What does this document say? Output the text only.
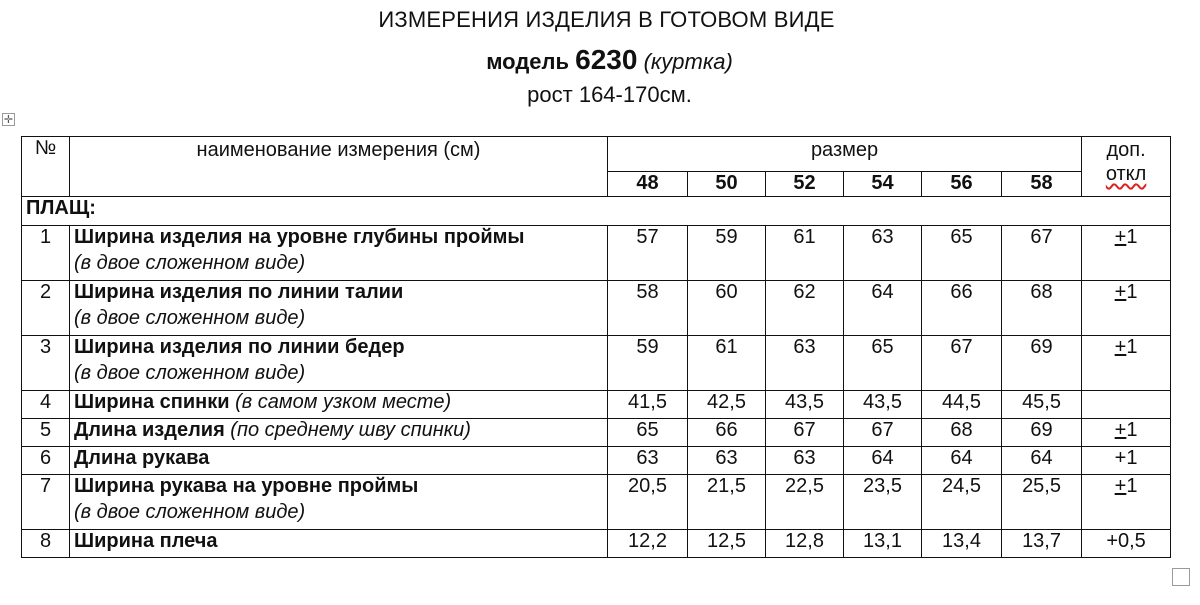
ИЗМЕРЕНИЯ ИЗДЕЛИЯ В ГОТОВОМ ВИДЕ
модель 6230 (куртка)
рост 164-170см.
✛
№	наименование измерения (см)	размер						доп.
откл
		48	50	52	54	56	58	
ПЛАЩ:								
1	Ширина изделия на уровне глубины проймы
(в двое сложенном виде)	57	59	61	63	65	67	+1
2	Ширина изделия по линии талии
(в двое сложенном виде)	58	60	62	64	66	68	+1
3	Ширина изделия по линии бедер
(в двое сложенном виде)	59	61	63	65	67	69	+1
4	Ширина спинки (в самом узком месте)	41,5	42,5	43,5	43,5	44,5	45,5	
5	Длина изделия (по среднему шву спинки)	65	66	67	67	68	69	+1
6	Длина рукава	63	63	63	64	64	64	+1
7	Ширина рукава на уровне проймы
(в двое сложенном виде)	20,5	21,5	22,5	23,5	24,5	25,5	+1
8	Ширина плеча	12,2	12,5	12,8	13,1	13,4	13,7	+0,5
